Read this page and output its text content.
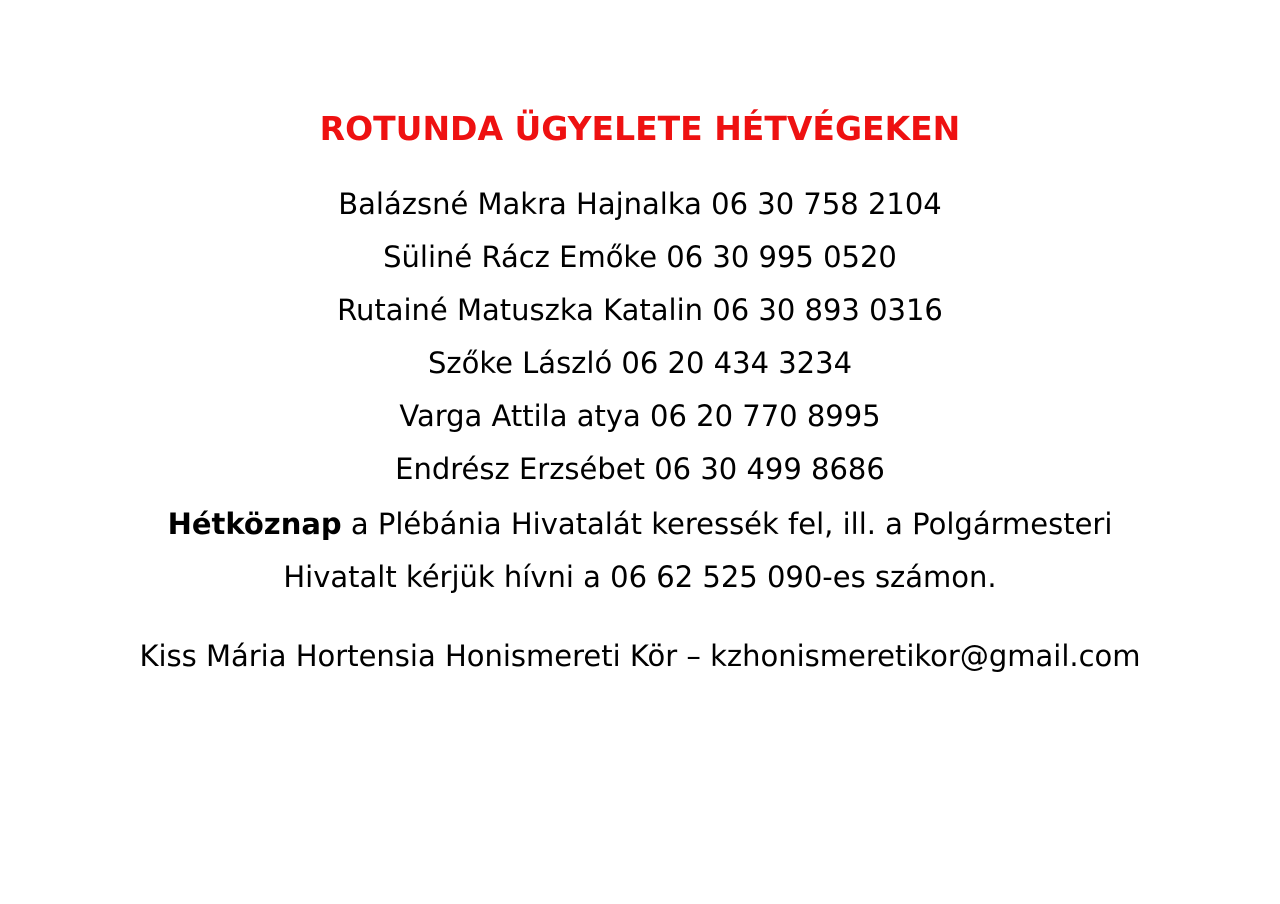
ROTUNDA ÜGYELETE HÉTVÉGEKEN
Balázsné Makra Hajnalka 06 30 758 2104
Süliné Rácz Emőke 06 30 995 0520
Rutainé Matuszka Katalin 06 30 893 0316
Szőke László 06 20 434 3234
Varga Attila atya 06 20 770 8995
Endrész Erzsébet 06 30 499 8686

Hétköznap a Plébánia Hivatalát keressék fel, ill. a Polgármesteri
Hivatalt kérjük hívni a 06 62 525 090-es számon.

Kiss Mária Hortensia Honismereti Kör – kzhonismeretikor@gmail.com
